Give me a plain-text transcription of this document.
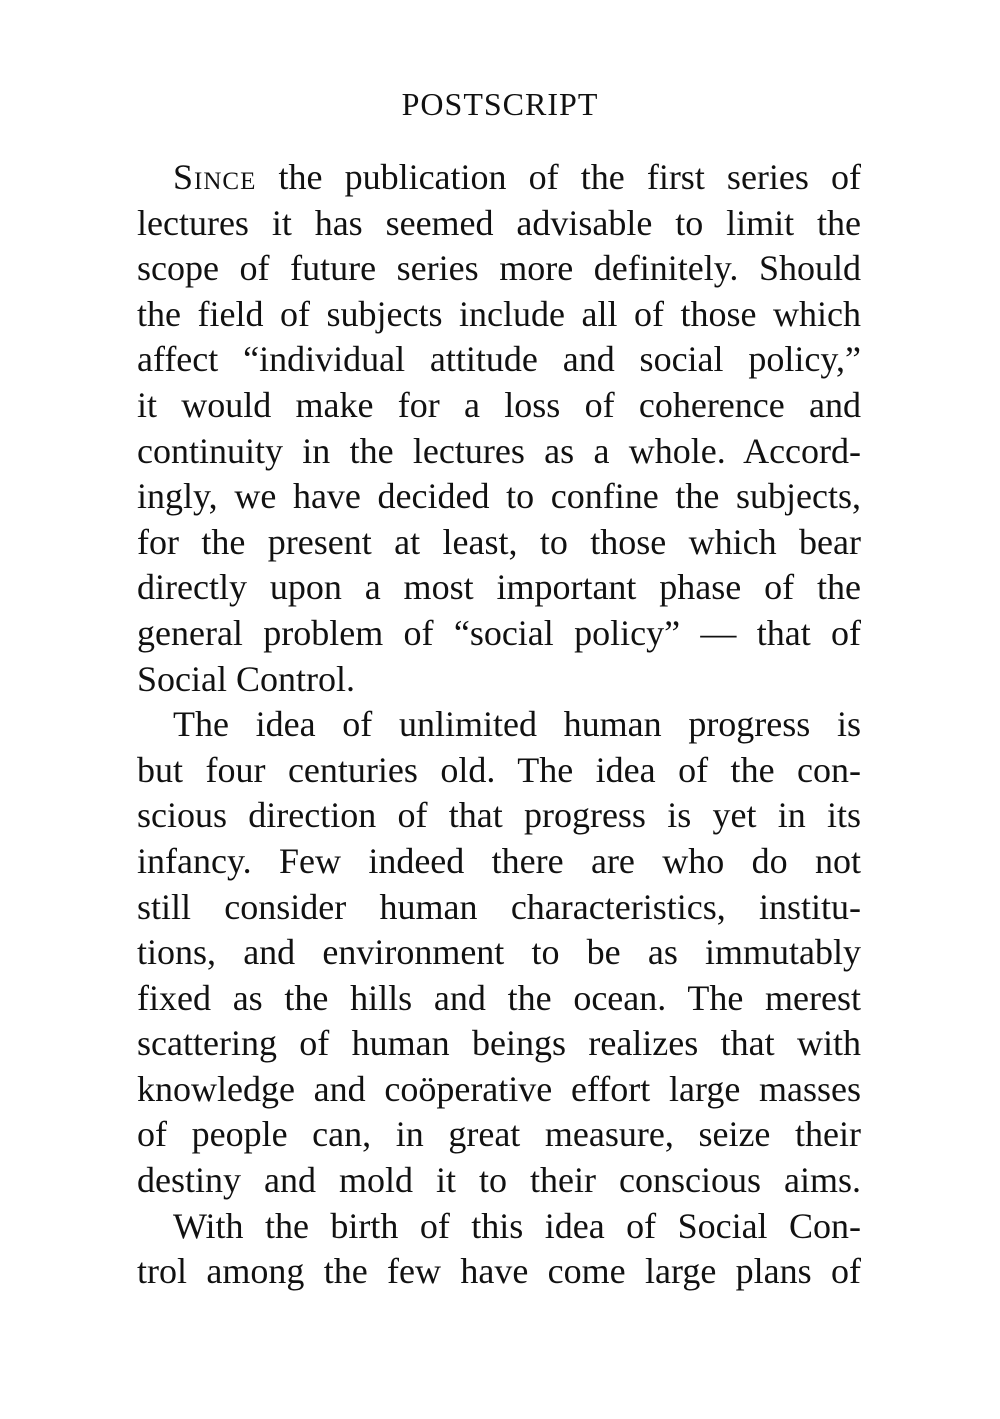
POSTSCRIPT
Since the publication of the first series of
lectures it has seemed advisable to limit the
scope of future series more definitely. Should
the field of subjects include all of those which
affect “individual attitude and social policy,”
it would make for a loss of coherence and
continuity in the lectures as a whole. Accord-
ingly, we have decided to confine the subjects,
for the present at least, to those which bear
directly upon a most important phase of the
general problem of “social policy” — that of
Social Control.
The idea of unlimited human progress is
but four centuries old. The idea of the con-
scious direction of that progress is yet in its
infancy. Few indeed there are who do not
still consider human characteristics, institu-
tions, and environment to be as immutably
fixed as the hills and the ocean. The merest
scattering of human beings realizes that with
knowledge and coöperative effort large masses
of people can, in great measure, seize their
destiny and mold it to their conscious aims.
With the birth of this idea of Social Con-
trol among the few have come large plans of
